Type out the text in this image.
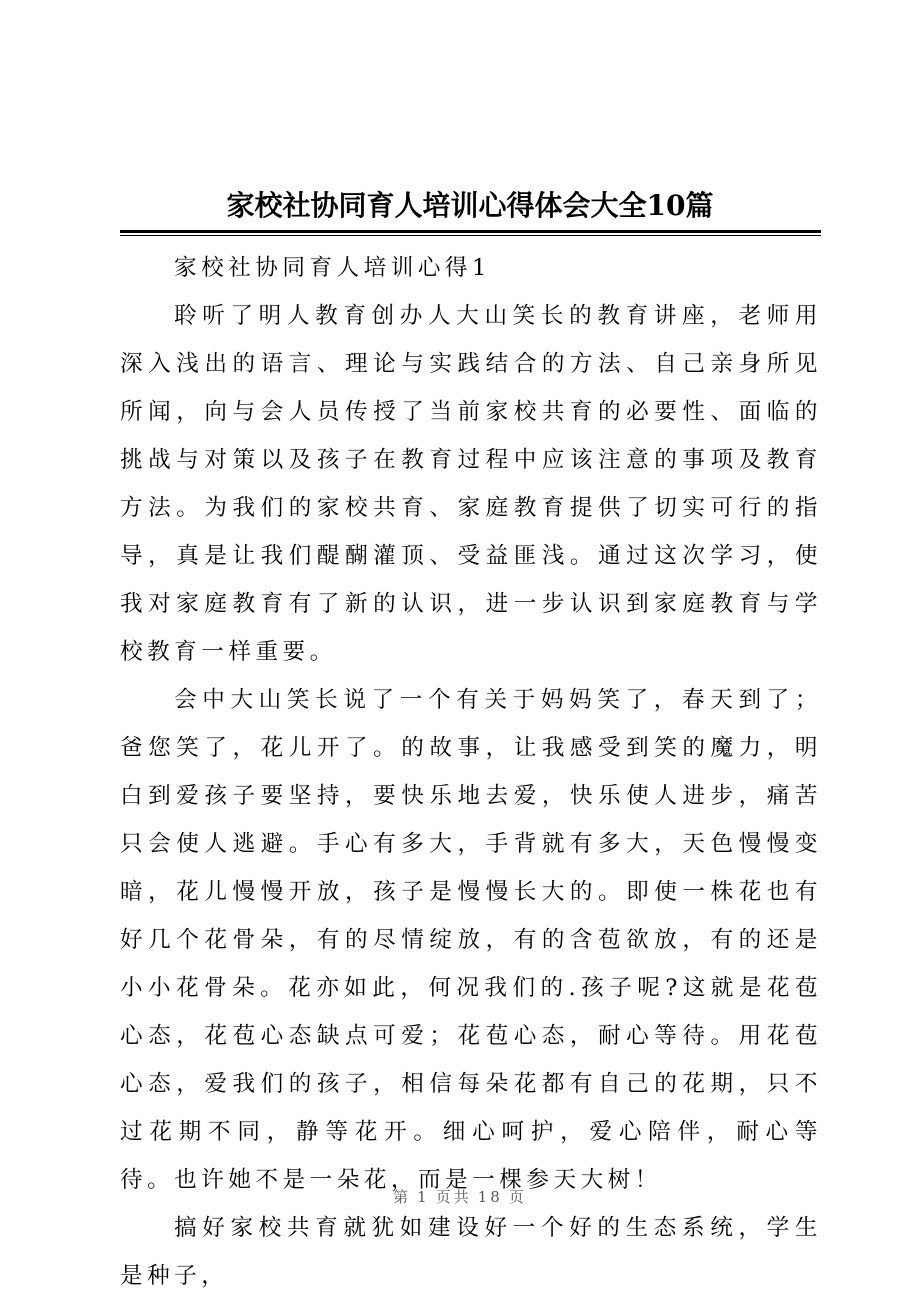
家校社协同育人培训心得体会大全10篇

家校社协同育人培训心得1

聆听了明人教育创办人大山笑长的教育讲座，老师用深入浅出的语言、理论与实践结合的方法、自己亲身所见所闻，向与会人员传授了当前家校共育的必要性、面临的挑战与对策以及孩子在教育过程中应该注意的事项及教育方法。为我们的家校共育、家庭教育提供了切实可行的指导，真是让我们醍醐灌顶、受益匪浅。通过这次学习，使我对家庭教育有了新的认识，进一步认识到家庭教育与学校教育一样重要。

会中大山笑长说了一个有关于妈妈笑了，春天到了；爸您笑了，花儿开了。的故事，让我感受到笑的魔力，明白到爱孩子要坚持，要快乐地去爱，快乐使人进步，痛苦只会使人逃避。手心有多大，手背就有多大，天色慢慢变暗，花儿慢慢开放，孩子是慢慢长大的。即使一株花也有好几个花骨朵，有的尽情绽放，有的含苞欲放，有的还是小小花骨朵。花亦如此，何况我们的.孩子呢?这就是花苞心态，花苞心态缺点可爱；花苞心态，耐心等待。用花苞心态，爱我们的孩子，相信每朵花都有自己的花期，只不过花期不同，静等花开。细心呵护，爱心陪伴，耐心等待。也许她不是一朵花，而是一棵参天大树！

搞好家校共育就犹如建设好一个好的生态系统，学生是种子，

第 1 页共 18 页
